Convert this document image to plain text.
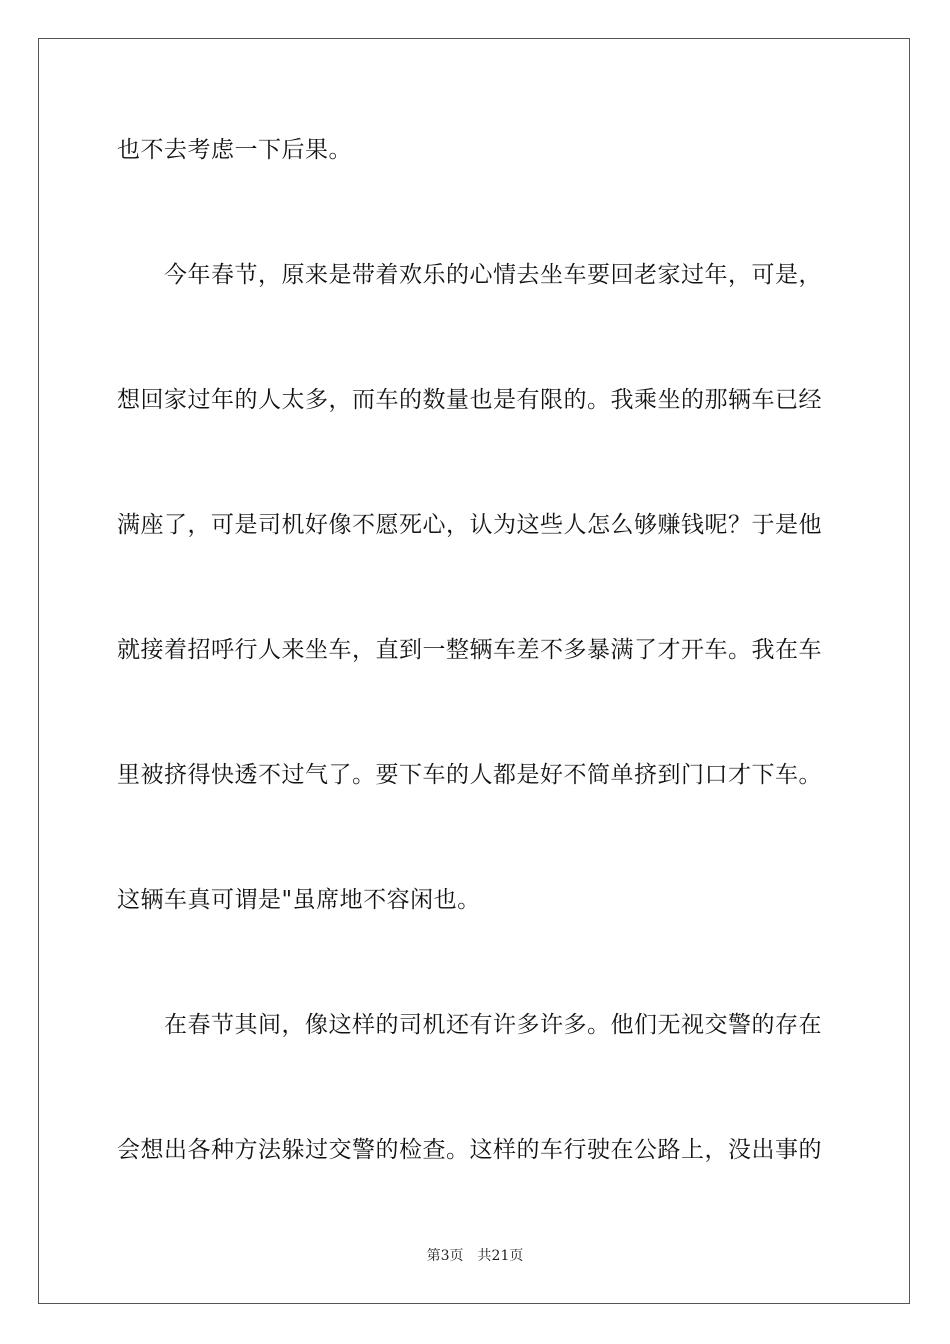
也不去考虑一下后果。
今年春节，原来是带着欢乐的心情去坐车要回老家过年，可是，
想回家过年的人太多，而车的数量也是有限的。我乘坐的那辆车已经
满座了，可是司机好像不愿死心，认为这些人怎么够赚钱呢？于是他
就接着招呼行人来坐车，直到一整辆车差不多暴满了才开车。我在车
里被挤得快透不过气了。要下车的人都是好不简单挤到门口才下车。
这辆车真可谓是"虽席地不容闲也。
在春节其间，像这样的司机还有许多许多。他们无视交警的存在
会想出各种方法躲过交警的检查。这样的车行驶在公路上，没出事的
第3页 共21页
